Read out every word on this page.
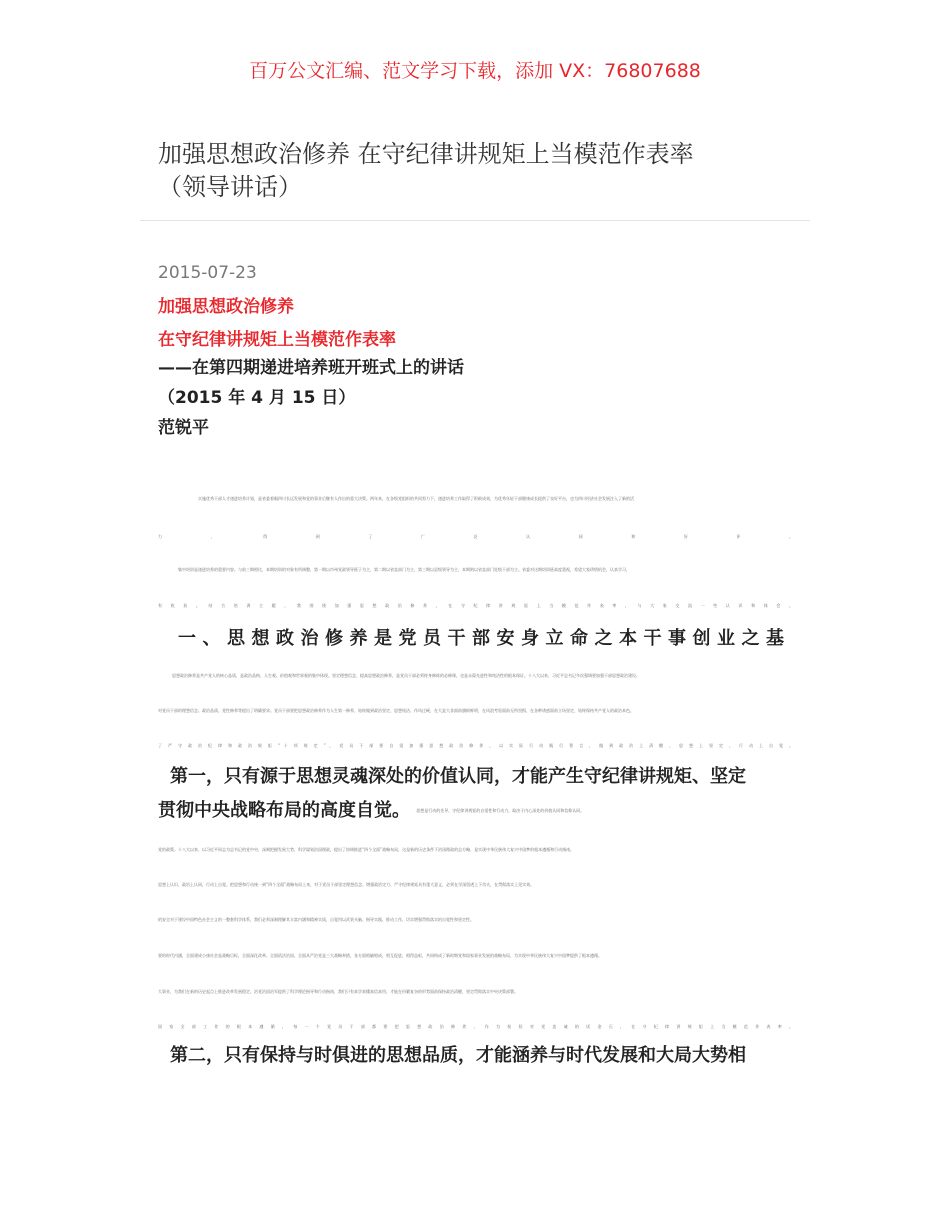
百万公文汇编、范文学习下载，添加 VX：76807688
加强思想政治修养 在守纪律讲规矩上当模范作表率
（领导讲话）
2015-07-23
加强思想政治修养
在守纪律讲规矩上当模范作表率
——在第四期递进培养班开班式上的讲话
（2015 年 4 月 15 日）
范锐平
实施优秀干部人才递进培养计划，是省委着眼四川长远发展和党的事业后继有人作出的重大决策。两年来，在各级党组织的共同努力下，递进培养工作取得了积极成效，为优秀年轻干部健康成长提供了良好平台，也为四川经济社会发展注入了新的活
力 ， 得 到 了 广 泛 认 同 和 好 评 。
集中培训是递进培养的重要内容。与前三期相比，本期培训的对象有所调整，第一期以市州党政领导班子为主，第二期以省直部门为主，第三期以县级领导为主，本期则以省直部门处级干部为主。省委对这期培训班高度重视，希望大家珍惜机会，认真学习，
有 收 获 。 结 合 培 训 主 题 ， 我 围 绕 加 强 思 想 政 治 修 养 、 在 守 纪 律 讲 规 矩 上 当 模 范 作 表 率 ， 与 大 家 交 流 一 些 认 识 和 体 会 。
一、思想政治修养是党员干部安身立命之本干事创业之基
思想政治修养是共产党人的核心品质，是政治品格、人生观、价值观和世界观的集中体现。坚定理想信念、提高思想政治修养，是党员干部必须终身修炼的必修课，也是永葆先进性和纯洁性的根本保证。十八大以来，习近平总书记多次强调要加强干部思想政治建设，
对党员干部的理想信念、政治品质、党性修养等提出了明确要求。党员干部要把思想政治修养作为人生第一修养，始终做到政治坚定、思想纯洁、作风过硬，在大是大非面前旗帜鲜明，在风浪考验面前无所畏惧，在各种诱惑面前立场坚定，始终保持共产党人的政治本色。
了 严 守 政 治 纪 律 和 政 治 规 矩 “ 十 项 规 定 ” ， 党 员 干 部 要 自 觉 加 强 思 想 政 治 修 养 ， 以 实 际 行 动 践 行 誓 言 ， 做 到 政 治 上 清 醒 、 思 想 上 坚 定 、 行 动 上 自 觉 。
第一，只有源于思想灵魂深处的价值认同，才能产生守纪律讲规矩、坚定
贯彻中央战略布局的高度自觉。 思想是行动的先导，守纪律讲规矩的自觉性和行动力，取决于内心深处的价值认同和信仰认同。
党的政策。十八大以来，以习近平同志为总书记的党中央，深刻把握发展大势，科学谋划治国理政，提出了协调推进“四个全面”战略布局，这是新的历史条件下治国理政的总方略，是实现中华民族伟大复兴中国梦的根本遵循和行动指南。
思想上认识，政治上认同，行动上自觉。把思想和行动统一到“四个全面”战略布局上来，对于党员干部坚定理想信念、增强政治定力、严守纪律规矩具有重大意义，必须在学深悟透上下功夫，在贯彻落实上见实效。
的安全对于建设中国特色社会主义的一整套科学体系，我们必须深刻理解其丰富内涵和精神实质，自觉用以武装头脑、指导实践、推动工作，切实增强贯彻落实的自觉性和坚定性。
要的时代内涵，全面建成小康社会是战略目标，全面深化改革、全面依法治国、全面从严治党是三大战略举措，各方面相辅相成、相互促进、相得益彰，共同构成了新时期党和国家事业发展的战略布局，为实现中华民族伟大复兴中国梦提供了根本遵循。
大事业，为我们在新的历史起点上推进改革发展稳定、治党治国治军提供了科学理论指导和行动指南，我们只有真学真懂真信真用，才能在纷繁复杂的形势面前保持政治清醒，坚定贯彻落实中央决策部署。
国 家 全 部 工 作 的 根 本 遵 循 ， 每 一 个 党 员 干 部 都 要 把 思 想 政 治 修 养 ， 作 为 检 验 对 党 忠 诚 的 试 金 石 ， 在 守 纪 律 讲 规 矩 上 当 模 范 作 表 率 。
第二，只有保持与时俱进的思想品质，才能涵养与时代发展和大局大势相
